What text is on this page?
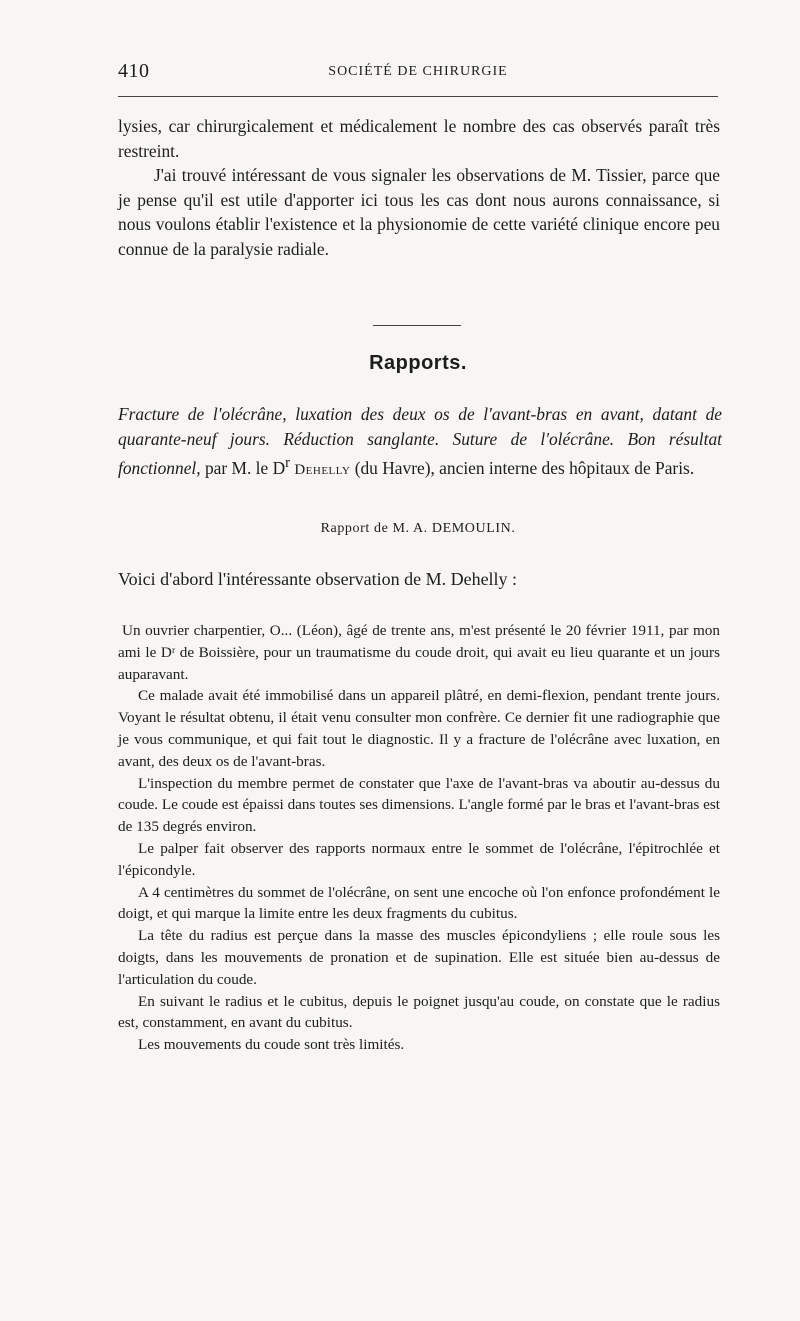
410	SOCIÉTÉ DE CHIRURGIE

lysies, car chirurgicalement et médicalement le nombre des cas observés paraît très restreint.

J'ai trouvé intéressant de vous signaler les observations de M. Tissier, parce que je pense qu'il est utile d'apporter ici tous les cas dont nous aurons connaissance, si nous voulons établir l'existence et la physionomie de cette variété clinique encore peu connue de la paralysie radiale.

Rapports.

Fracture de l'olécrâne, luxation des deux os de l'avant-bras en avant, datant de quarante-neuf jours. Réduction sanglante. Suture de l'olécrâne. Bon résultat fonctionnel, par M. le $D^r$ Dehelly (du Havre), ancien interne des hôpitaux de Paris.

Rapport de M. A. DEMOULIN.
Voici d'abord l'intéressante observation de M. Dehelly :

Un ouvrier charpentier, O... (Léon), âgé de trente ans, m'est présenté le 20 février 1911, par mon ami le Dʳ de Boissière, pour un traumatisme du coude droit, qui avait eu lieu quarante et un jours auparavant.

Ce malade avait été immobilisé dans un appareil plâtré, en demi-flexion, pendant trente jours. Voyant le résultat obtenu, il était venu consulter mon confrère. Ce dernier fit une radiographie que je vous communique, et qui fait tout le diagnostic. Il y a fracture de l'olécrâne avec luxation, en avant, des deux os de l'avant-bras.

L'inspection du membre permet de constater que l'axe de l'avant-bras va aboutir au-dessus du coude. Le coude est épaissi dans toutes ses dimensions. L'angle formé par le bras et l'avant-bras est de 135 degrés environ.

Le palper fait observer des rapports normaux entre le sommet de l'olécrâne, l'épitrochlée et l'épicondyle.

A 4 centimètres du sommet de l'olécrâne, on sent une encoche où l'on enfonce profondément le doigt, et qui marque la limite entre les deux fragments du cubitus.

La tête du radius est perçue dans la masse des muscles épicondyliens ; elle roule sous les doigts, dans les mouvements de pronation et de supination. Elle est située bien au-dessus de l'articulation du coude.

En suivant le radius et le cubitus, depuis le poignet jusqu'au coude, on constate que le radius est, constamment, en avant du cubitus.

Les mouvements du coude sont très limités.
